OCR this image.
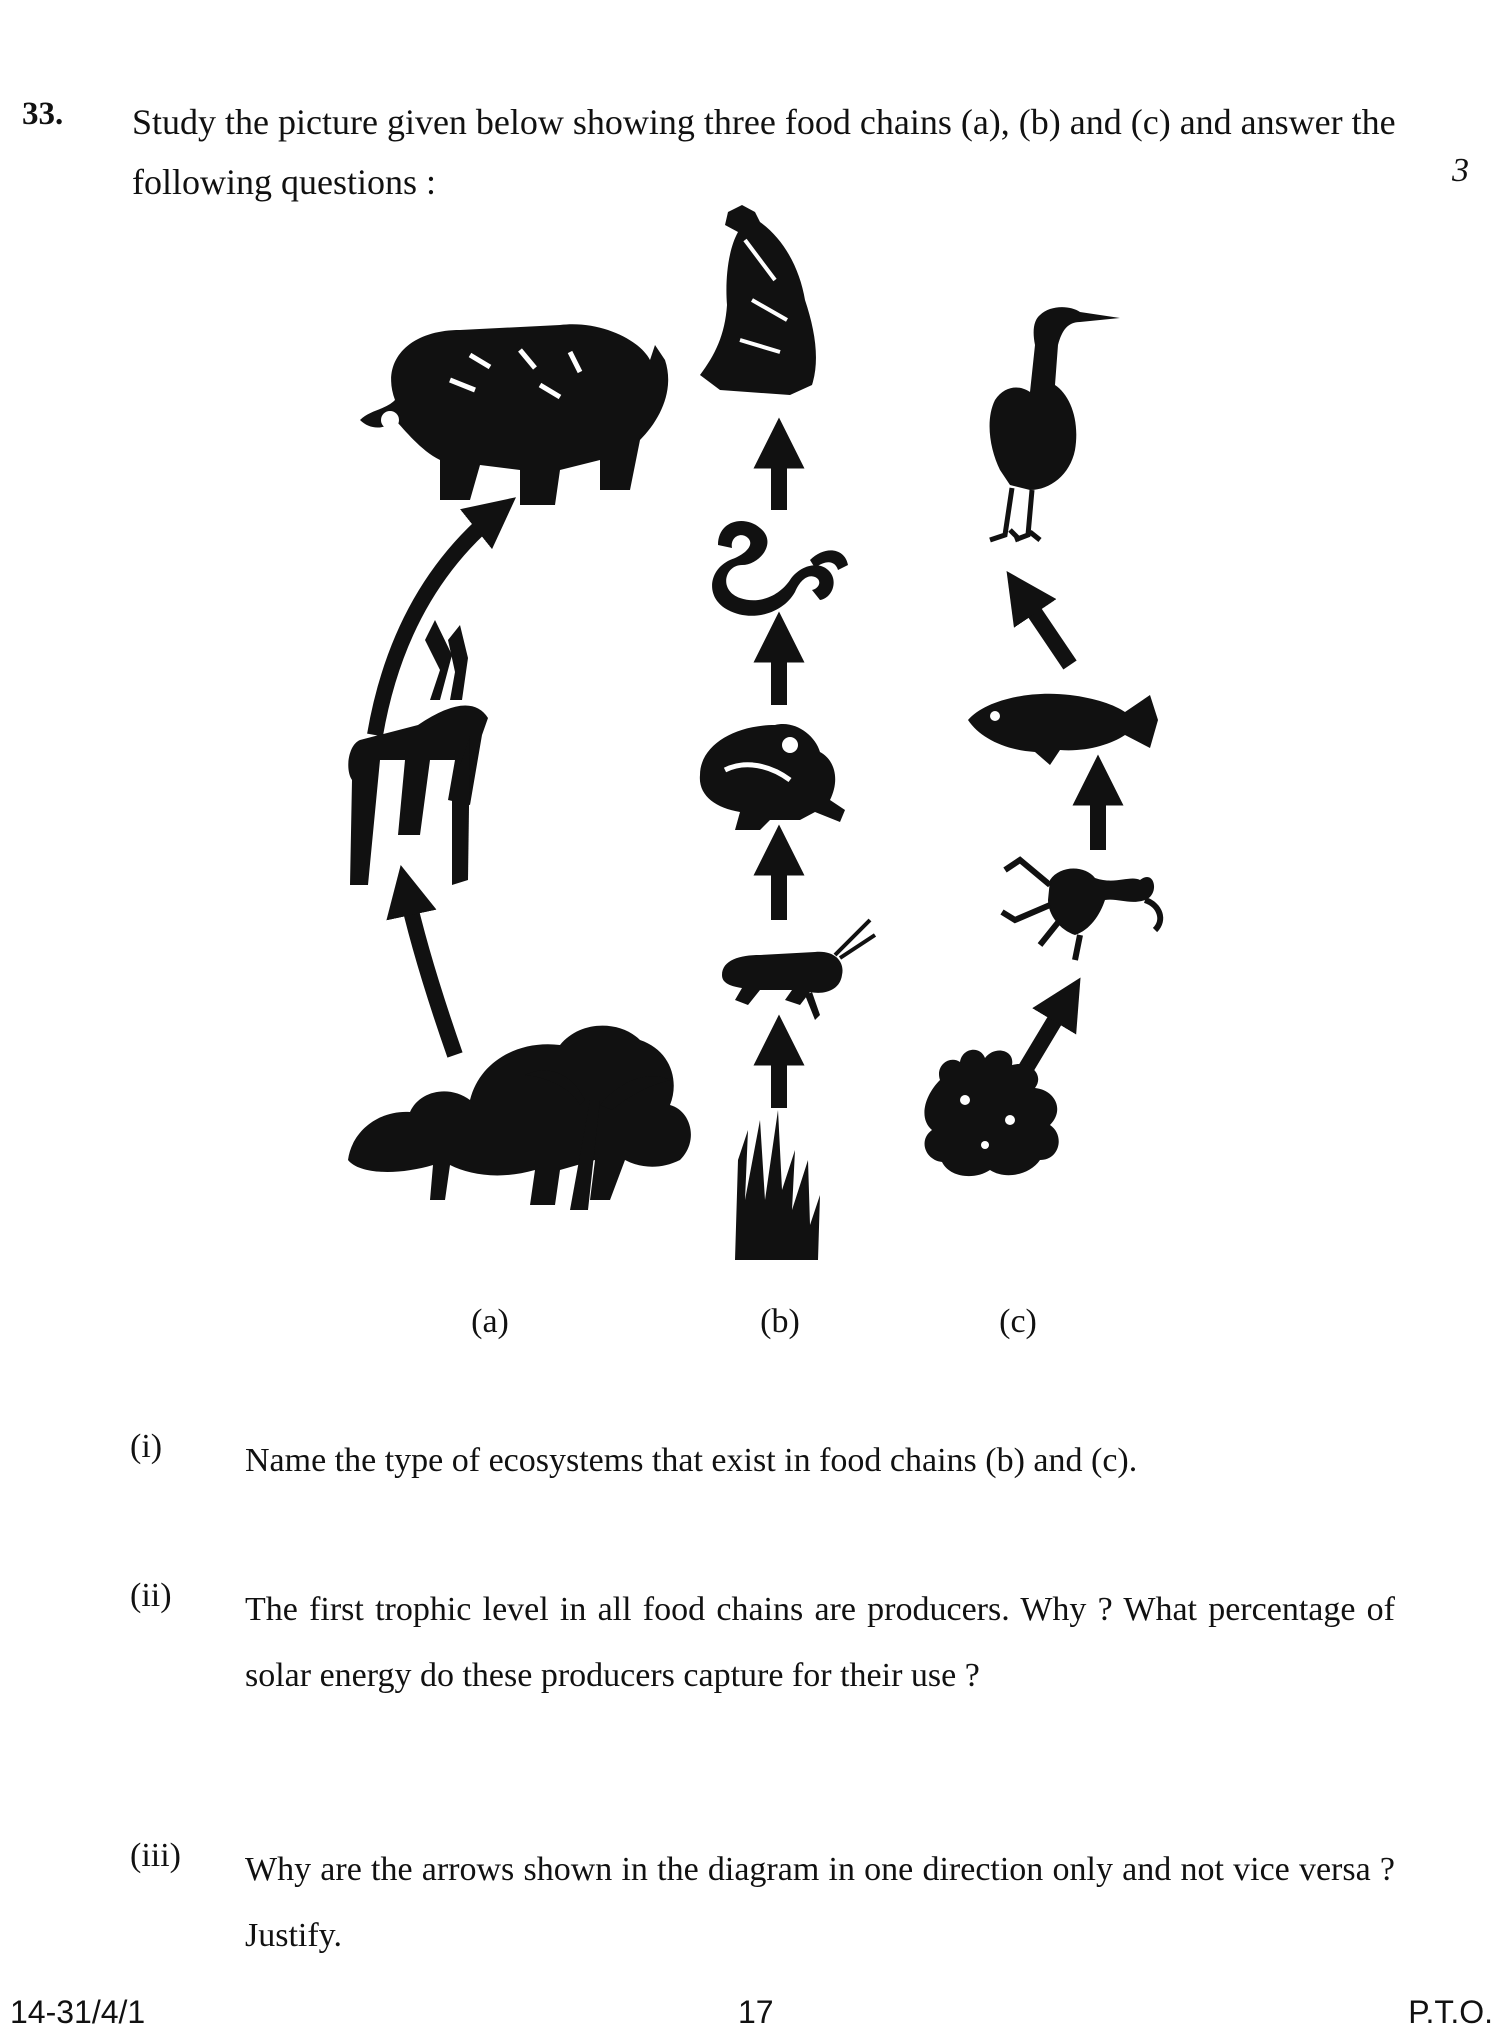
33. Study the picture given below showing three food chains (a), (b) and (c) and answer the following questions :	3
(a)	(b)	(c)
(i) Name the type of ecosystems that exist in food chains (b) and (c).
(ii) The first trophic level in all food chains are producers. Why ? What percentage of solar energy do these producers capture for their use ?
(iii) Why are the arrows shown in the diagram in one direction only and not vice versa ? Justify.
14-31/4/1	17	P.T.O.
